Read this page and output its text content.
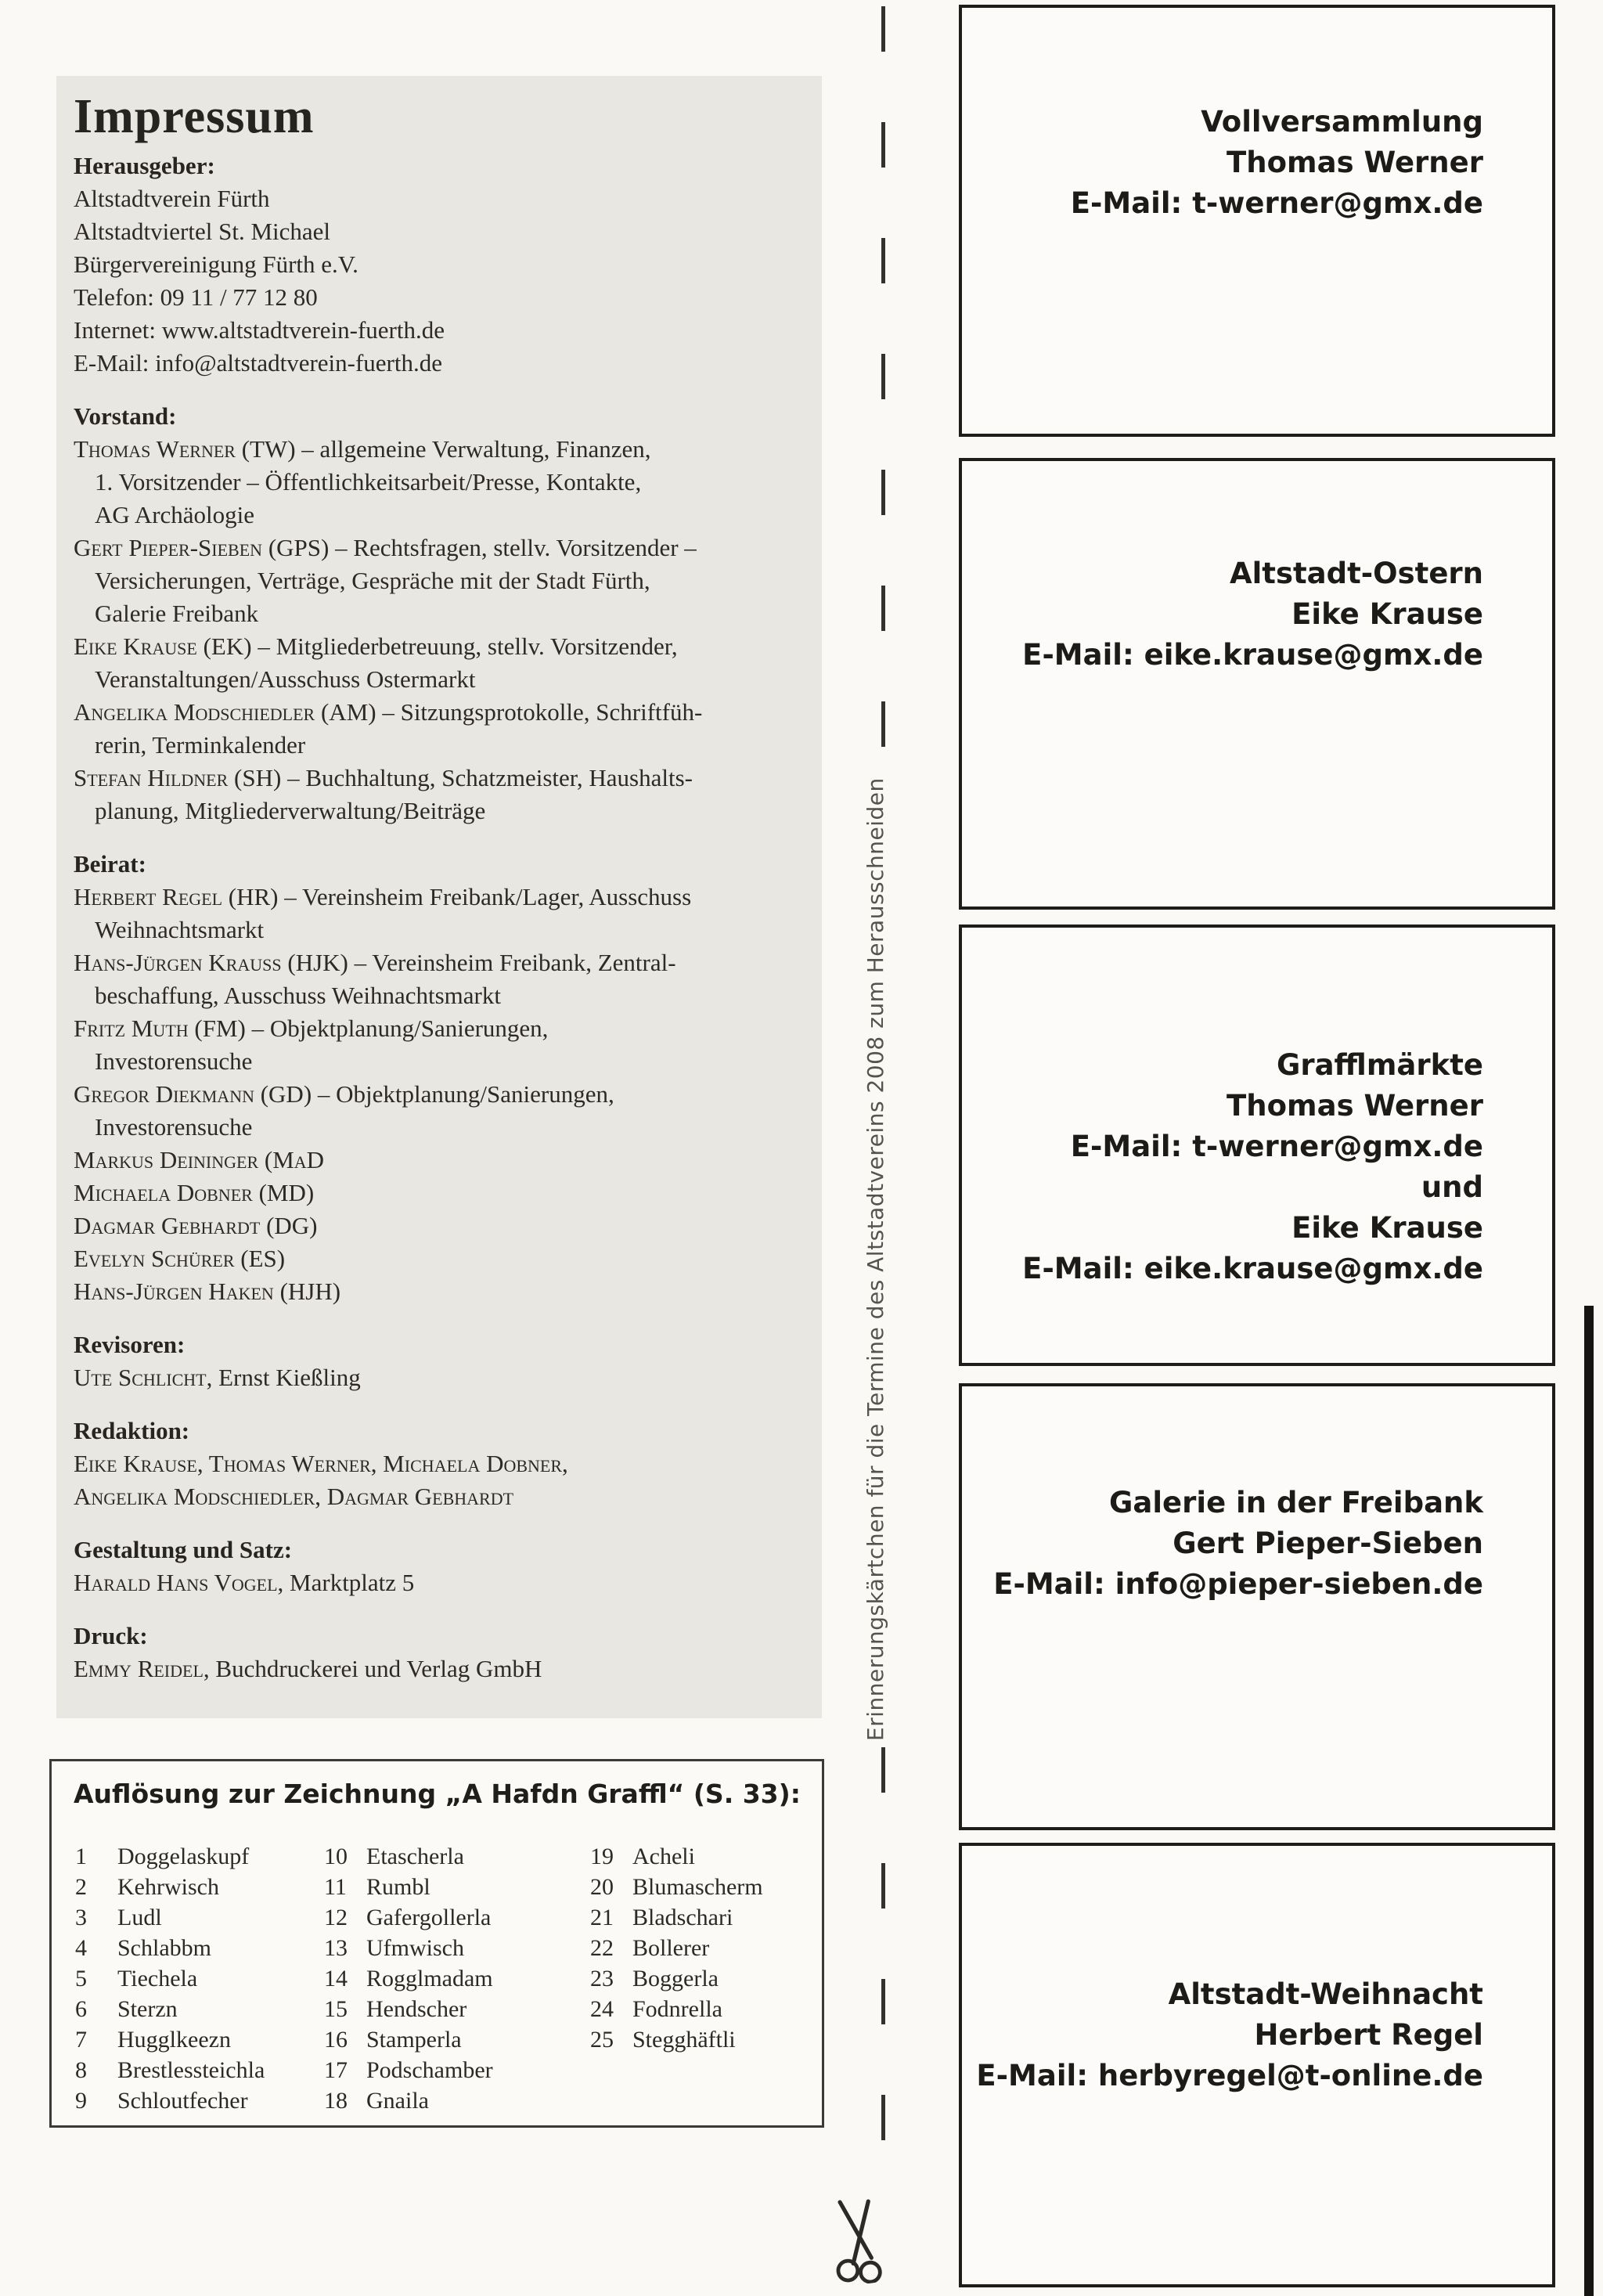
Impressum
Herausgeber:
Altstadtverein Fürth
Altstadtviertel St. Michael
Bürgervereinigung Fürth e.V.
Telefon: 09 11 / 77 12 80
Internet: www.altstadtverein-fuerth.de
E-Mail: info@altstadtverein-fuerth.de
Vorstand:
Thomas Werner (TW) – allgemeine Verwaltung, Finanzen,
1. Vorsitzender – Öffentlichkeitsarbeit/Presse, Kontakte,
AG Archäologie
Gert Pieper-Sieben (GPS) – Rechtsfragen, stellv. Vorsitzender –
Versicherungen, Verträge, Gespräche mit der Stadt Fürth,
Galerie Freibank
Eike Krause (EK) – Mitgliederbetreuung, stellv. Vorsitzender,
Veranstaltungen/Ausschuss Ostermarkt
Angelika Modschiedler (AM) – Sitzungsprotokolle, Schriftfüh-
rerin, Terminkalender
Stefan Hildner (SH) – Buchhaltung, Schatzmeister, Haushalts-
planung, Mitgliederverwaltung/Beiträge
Beirat:
Herbert Regel (HR) – Vereinsheim Freibank/Lager, Ausschuss
Weihnachtsmarkt
Hans-Jürgen Krauss (HJK) – Vereinsheim Freibank, Zentral-
beschaffung, Ausschuss Weihnachtsmarkt
Fritz Muth (FM) – Objektplanung/Sanierungen,
Investorensuche
Gregor Diekmann (GD) – Objektplanung/Sanierungen,
Investorensuche
Markus Deininger (MaD
Michaela Dobner (MD)
Dagmar Gebhardt (DG)
Evelyn Schürer (ES)
Hans-Jürgen Haken (HJH)
Revisoren:
Ute Schlicht, Ernst Kießling
Redaktion:
Eike Krause, Thomas Werner, Michaela Dobner,
Angelika Modschiedler, Dagmar Gebhardt
Gestaltung und Satz:
Harald Hans Vogel, Marktplatz 5
Druck:
Emmy Reidel, Buchdruckerei und Verlag GmbH
Auflösung zur Zeichnung „A Hafdn Graffl“ (S. 33):
1 Doggelaskupf
2 Kehrwisch
3 Ludl
4 Schlabbm
5 Tiechela
6 Sterzn
7 Hugglkeezn
8 Brestlessteichla
9 Schloutfecher
10 Etascherla
11 Rumbl
12 Gafergollerla
13 Ufmwisch
14 Rogglmadam
15 Hendscher
16 Stamperla
17 Podschamber
18 Gnaila
19 Acheli
20 Blumascherm
21 Bladschari
22 Bollerer
23 Boggerla
24 Fodnrella
25 Stegghäftli
Erinnerungskärtchen für die Termine des Altstadtvereins 2008 zum Herausschneiden
Vollversammlung
Thomas Werner
E-Mail: t-werner@gmx.de
Altstadt-Ostern
Eike Krause
E-Mail: eike.krause@gmx.de
Grafflmärkte
Thomas Werner
E-Mail: t-werner@gmx.de
und
Eike Krause
E-Mail: eike.krause@gmx.de
Galerie in der Freibank
Gert Pieper-Sieben
E-Mail: info@pieper-sieben.de
Altstadt-Weihnacht
Herbert Regel
E-Mail: herbyregel@t-online.de
